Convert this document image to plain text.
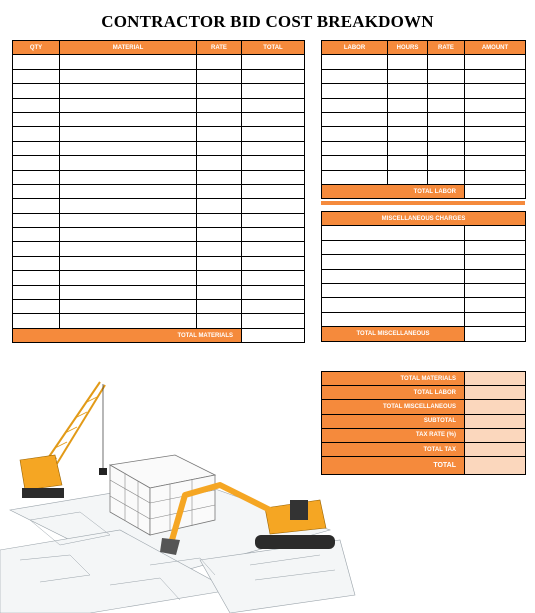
CONTRACTOR BID COST BREAKDOWN
QTY	MATERIAL	RATE	TOTAL

TOTAL MATERIALS			
LABOR	HOURS	RATE	AMOUNT

TOTAL LABOR			
MISCELLANEOUS CHARGES	

TOTAL MISCELLANEOUS	
TOTAL MATERIALS	
TOTAL LABOR	
TOTAL MISCELLANEOUS	
SUBTOTAL	
TAX RATE (%)	
TOTAL TAX	
TOTAL	
